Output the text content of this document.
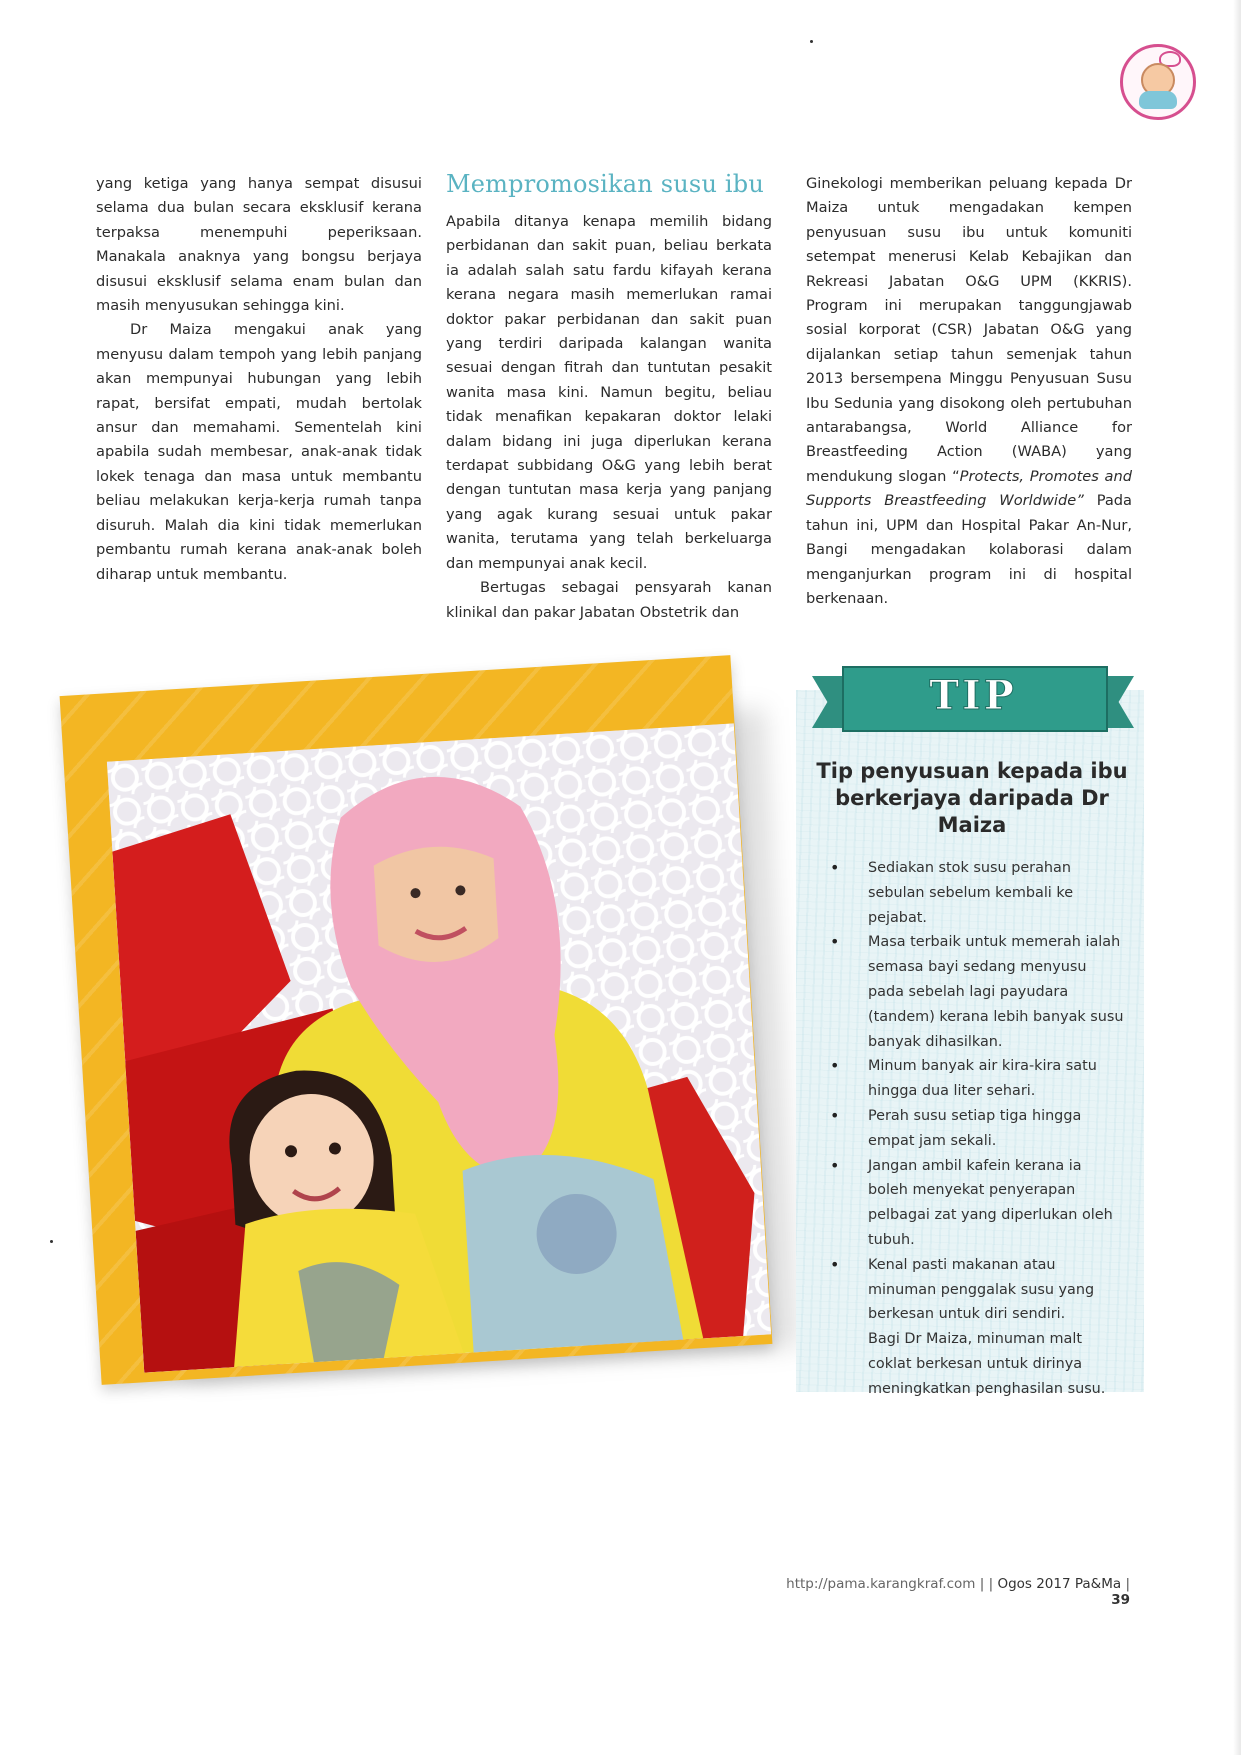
yang ketiga yang hanya sempat disusui selama dua bulan secara eksklusif kerana terpaksa menempuhi peperiksaan. Manakala anaknya yang bongsu berjaya disusui eksklusif selama enam bulan dan masih menyusukan sehingga kini.

Dr Maiza mengakui anak yang menyusu dalam tempoh yang lebih panjang akan mempunyai hubungan yang lebih rapat, bersifat empati, mudah bertolak ansur dan memahami. Sementelah kini apabila sudah membesar, anak-anak tidak lokek tenaga dan masa untuk membantu beliau melakukan kerja-kerja rumah tanpa disuruh. Malah dia kini tidak memerlukan pembantu rumah kerana anak-anak boleh diharap untuk membantu.

Mempromosikan susu ibu

Apabila ditanya kenapa memilih bidang perbidanan dan sakit puan, beliau berkata ia adalah salah satu fardu kifayah kerana kerana negara masih memerlukan ramai doktor pakar perbidanan dan sakit puan yang terdiri daripada kalangan wanita sesuai dengan fitrah dan tuntutan pesakit wanita masa kini. Namun begitu, beliau tidak menafikan kepakaran doktor lelaki dalam bidang ini juga diperlukan kerana terdapat subbidang O&G yang lebih berat dengan tuntutan masa kerja yang panjang yang agak kurang sesuai untuk pakar wanita, terutama yang telah berkeluarga dan mempunyai anak kecil.

Bertugas sebagai pensyarah kanan klinikal dan pakar Jabatan Obstetrik dan

Ginekologi memberikan peluang kepada Dr Maiza untuk mengadakan kempen penyusuan susu ibu untuk komuniti setempat menerusi Kelab Kebajikan dan Rekreasi Jabatan O&G UPM (KKRIS). Program ini merupakan tanggungjawab sosial korporat (CSR) Jabatan O&G yang dijalankan setiap tahun semenjak tahun 2013 bersempena Minggu Penyusuan Susu Ibu Sedunia yang disokong oleh pertubuhan antarabangsa, World Alliance for Breastfeeding Action (WABA) yang mendukung slogan “Protects, Promotes and Supports Breastfeeding Worldwide” Pada tahun ini, UPM dan Hospital Pakar An-Nur, Bangi mengadakan kolaborasi dalam menganjurkan program ini di hospital berkenaan.

TIP
Tip penyusuan kepada ibu berkerjaya daripada Dr Maiza
• Sediakan stok susu perahan sebulan sebelum kembali ke pejabat.
• Masa terbaik untuk memerah ialah semasa bayi sedang menyusu pada sebelah lagi payudara (tandem) kerana lebih banyak susu banyak dihasilkan.
• Minum banyak air kira-kira satu hingga dua liter sehari.
• Perah susu setiap tiga hingga empat jam sekali.
• Jangan ambil kafein kerana ia boleh menyekat penyerapan pelbagai zat yang diperlukan oleh tubuh.
• Kenal pasti makanan atau minuman penggalak susu yang berkesan untuk diri sendiri.
Bagi Dr Maiza, minuman malt coklat berkesan untuk dirinya meningkatkan penghasilan susu.
http://pama.karangkraf.com | | Ogos 2017 Pa&Ma | 39
